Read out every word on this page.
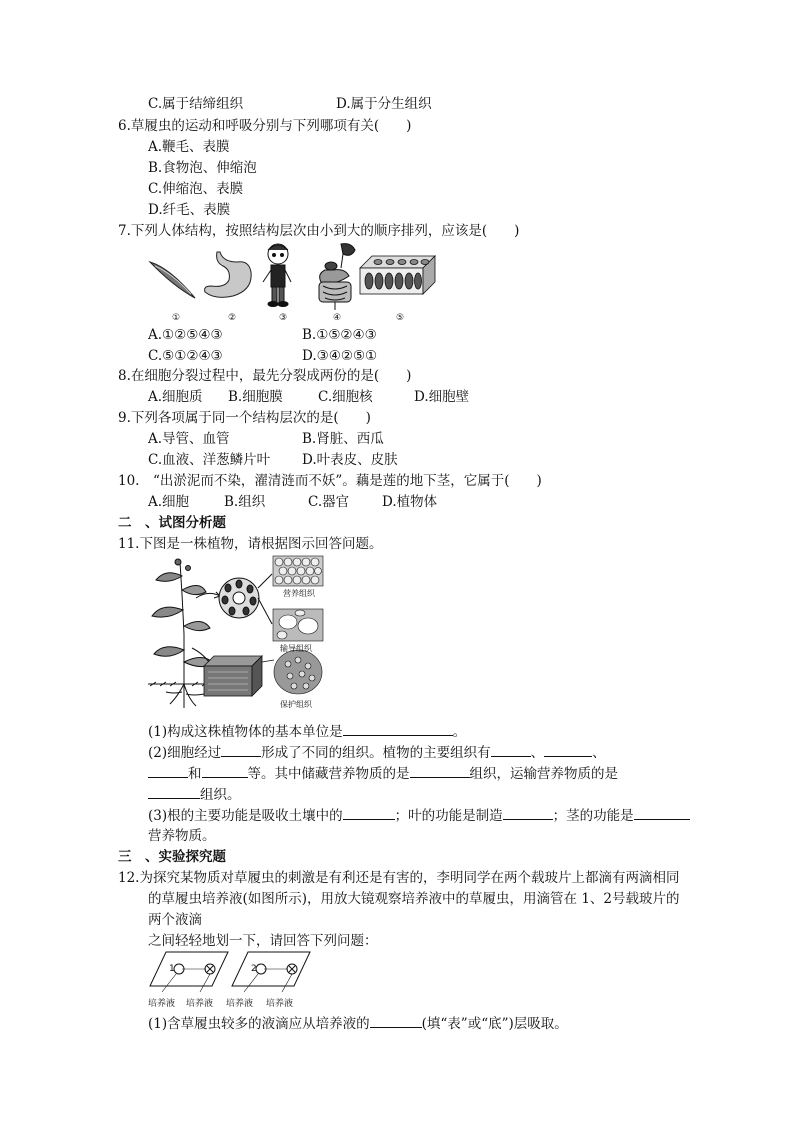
C.属于结缔组织	D.属于分生组织
6.草履虫的运动和呼吸分别与下列哪项有关(　　)
A.鞭毛、表膜
B.食物泡、伸缩泡
C.伸缩泡、表膜
D.纤毛、表膜
7.下列人体结构，按照结构层次由小到大的顺序排列，应该是(　　)
①	②	③	④	⑤
A.①②⑤④③	B.①⑤②④③
C.⑤①②④③	D.③④②⑤①
8.在细胞分裂过程中，最先分裂成两份的是(　　)
A.细胞质 B.细胞膜	C.细胞核	D.细胞壁
9.下列各项属于同一个结构层次的是(　　)
A.导管、血管	B.肾脏、西瓜
C.血液、洋葱鳞片叶 D.叶表皮、皮肤
10.　“出淤泥而不染，濯清涟而不妖”。藕是莲的地下茎，它属于(　　)
A.细胞	B.组织	C.器官 D.植物体
二　、试图分析题
11.下图是一株植物，请根据图示回答问题。
营养组织
输导组织
保护组织
(1)构成这株植物体的基本单位是	。
(2)细胞经过	形成了不同的组织。植物的主要组织有	、	、
和	等。其中储藏营养物质的是	组织，运输营养物质的是
组织。
(3)根的主要功能是吸收土壤中的	；叶的功能是制造	；茎的功能是
营养物质。
三　、实验探究题
12.为探究某物质对草履虫的刺激是有利还是有害的，李明同学在两个载玻片上都滴有两滴相同
的草履虫培养液(如图所示)，用放大镜观察培养液中的草履虫，用滴管在 1、2号载玻片的
两个液滴
之间轻轻地划一下，请回答下列问题：
1	2
培养液 培养液 培养液 培养液
(1)含草履虫较多的液滴应从培养液的	(填“表”或“底”)层吸取。
